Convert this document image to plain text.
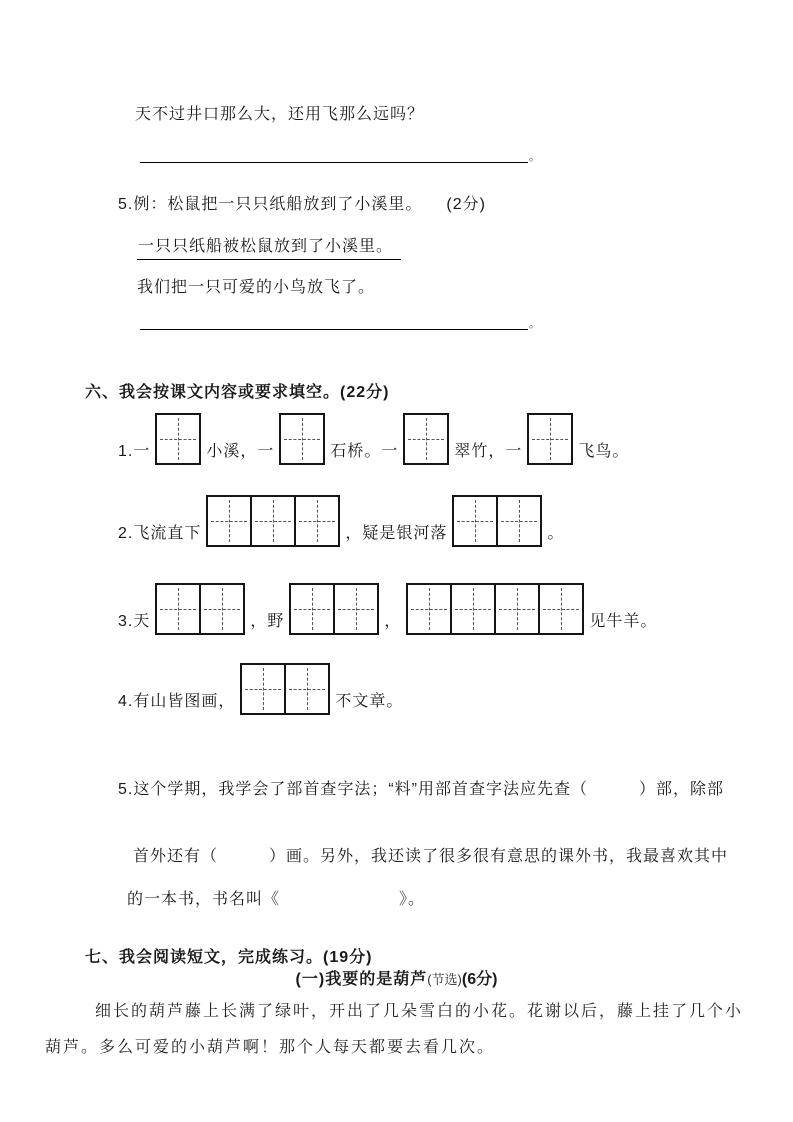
天不过井口那么大，还用飞那么远吗？
。
5.例：松鼠把一只只纸船放到了小溪里。 (2分)
一只只纸船被松鼠放到了小溪里。
我们把一只可爱的小鸟放飞了。
。
六、我会按课文内容或要求填空。(22分)
1. 一	小溪，一	石桥。一	翠竹，一	飞鸟。
2. 飞流直下	，疑是银河落	。
3. 天	，野	，	见牛羊。
4. 有山皆图画，	不文章。
5.这个学期，我学会了部首查字法；“料”用部首查字法应先查（　　　）部，除部
首外还有（　　　）画。另外，我还读了很多很有意思的课外书，我最喜欢其中
的一本书，书名叫《　　　　　　　》。
七、我会阅读短文，完成练习。(19分)
(一)我要的是葫芦(节选)(6分)
细长的葫芦藤上长满了绿叶，开出了几朵雪白的小花。花谢以后，藤上挂了几个小
葫芦。多么可爱的小葫芦啊！那个人每天都要去看几次。
